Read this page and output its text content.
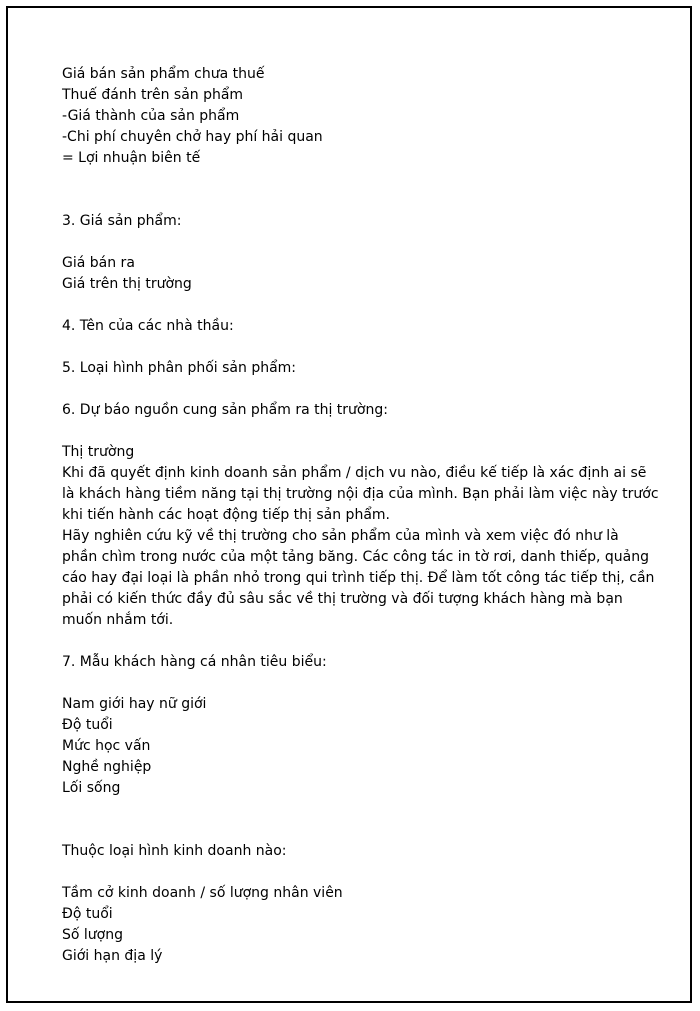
Giá bán sản phẩm chưa thuế
Thuế đánh trên sản phẩm
-Giá thành của sản phẩm
-Chi phí chuyên chở hay phí hải quan
= Lợi nhuận biên tế
3. Giá sản phẩm:
Giá bán ra
Giá trên thị trường
4. Tên của các nhà thầu:
5. Loại hình phân phối sản phẩm:
6. Dự báo nguồn cung sản phẩm ra thị trường:
Thị trường
Khi đã quyết định kinh doanh sản phẩm / dịch vu nào, điều kế tiếp là xác định ai sẽ
là khách hàng tiềm năng tại thị trường nội địa của mình. Bạn phải làm việc này trước
khi tiến hành các hoạt động tiếp thị sản phẩm.
Hãy nghiên cứu kỹ về thị trường cho sản phẩm của mình và xem việc đó như là
phần chìm trong nước của một tảng băng. Các công tác in tờ rơi, danh thiếp, quảng
cáo hay đại loại là phần nhỏ trong qui trình tiếp thị. Để làm tốt công tác tiếp thị, cần
phải có kiến thức đầy đủ sâu sắc về thị trường và đối tượng khách hàng mà bạn
muốn nhắm tới.
7. Mẫu khách hàng cá nhân tiêu biểu:
Nam giới hay nữ giới
Độ tuổi
Mức học vấn
Nghề nghiệp
Lối sống
Thuộc loại hình kinh doanh nào:
Tầm cở kinh doanh / số lượng nhân viên
Độ tuổi
Số lượng
Giới hạn địa lý
